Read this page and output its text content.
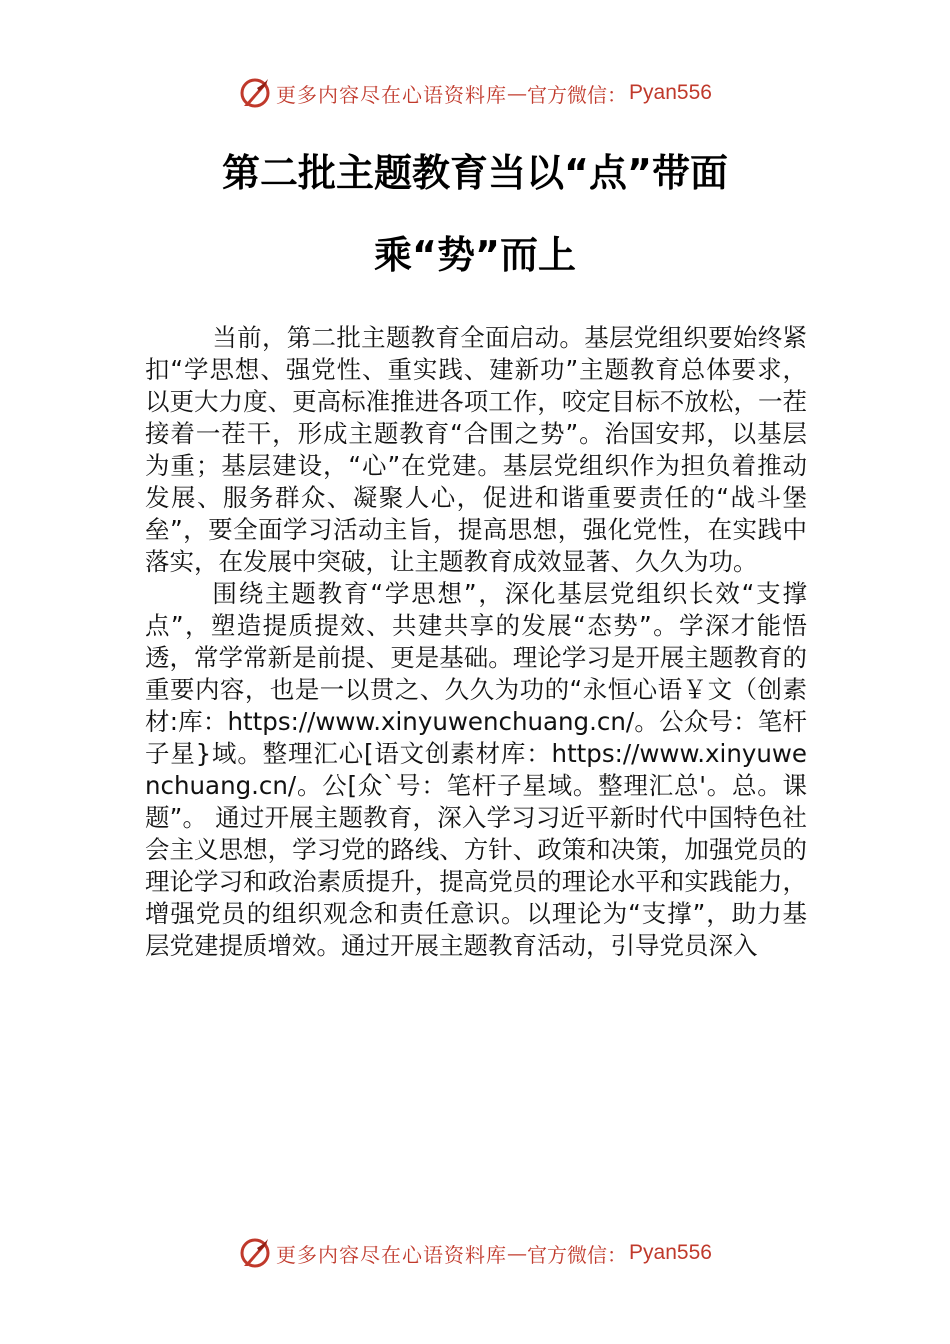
更多内容尽在心语资料库 — 官方微信： Pyan556
第二批主题教育当以“点”带面
乘“势”而上

当前，第二批主题教育全面启动。基层党组织要始终紧扣“学思想、强党性、重实践、建新功”主题教育总体要求，以更大力度、更高标准推进各项工作，咬定目标不放松，一茬接着一茬干，形成主题教育“合围之势”。治国安邦，以基层为重；基层建设，“心”在党建。基层党组织作为担负着推动发展、服务群众、凝聚人心，促进和谐重要责任的“战斗堡垒”，要全面学习活动主旨，提高思想，强化党性，在实践中落实，在发展中突破，让主题教育成效显著、久久为功。

围绕主题教育“学思想”，深化基层党组织长效“支撑点”，塑造提质提效、共建共享的发展“态势”。学深才能悟透，常学常新是前提、更是基础。理论学习是开展主题教育的重要内容，也是一以贯之、久久为功的“永恒心语￥文（创素材:库：https://www.xinyuwenchuang.cn/。公众号：笔杆子星}域。整理汇心[语文创素材库：https://www.xinyuwenchuang.cn/。公[众`号：笔杆子星域。整理汇总'。总。课题”。 通过开展主题教育，深入学习习近平新时代中国特色社会主义思想，学习党的路线、方针、政策和决策，加强党员的理论学习和政治素质提升，提高党员的理论水平和实践能力， 增强党员的组织观念和责任意识。以理论为“支撑”，助力基层党建提质增效。通过开展主题教育活动，引导党员深入

更多内容尽在心语资料库 — 官方微信： Pyan556
